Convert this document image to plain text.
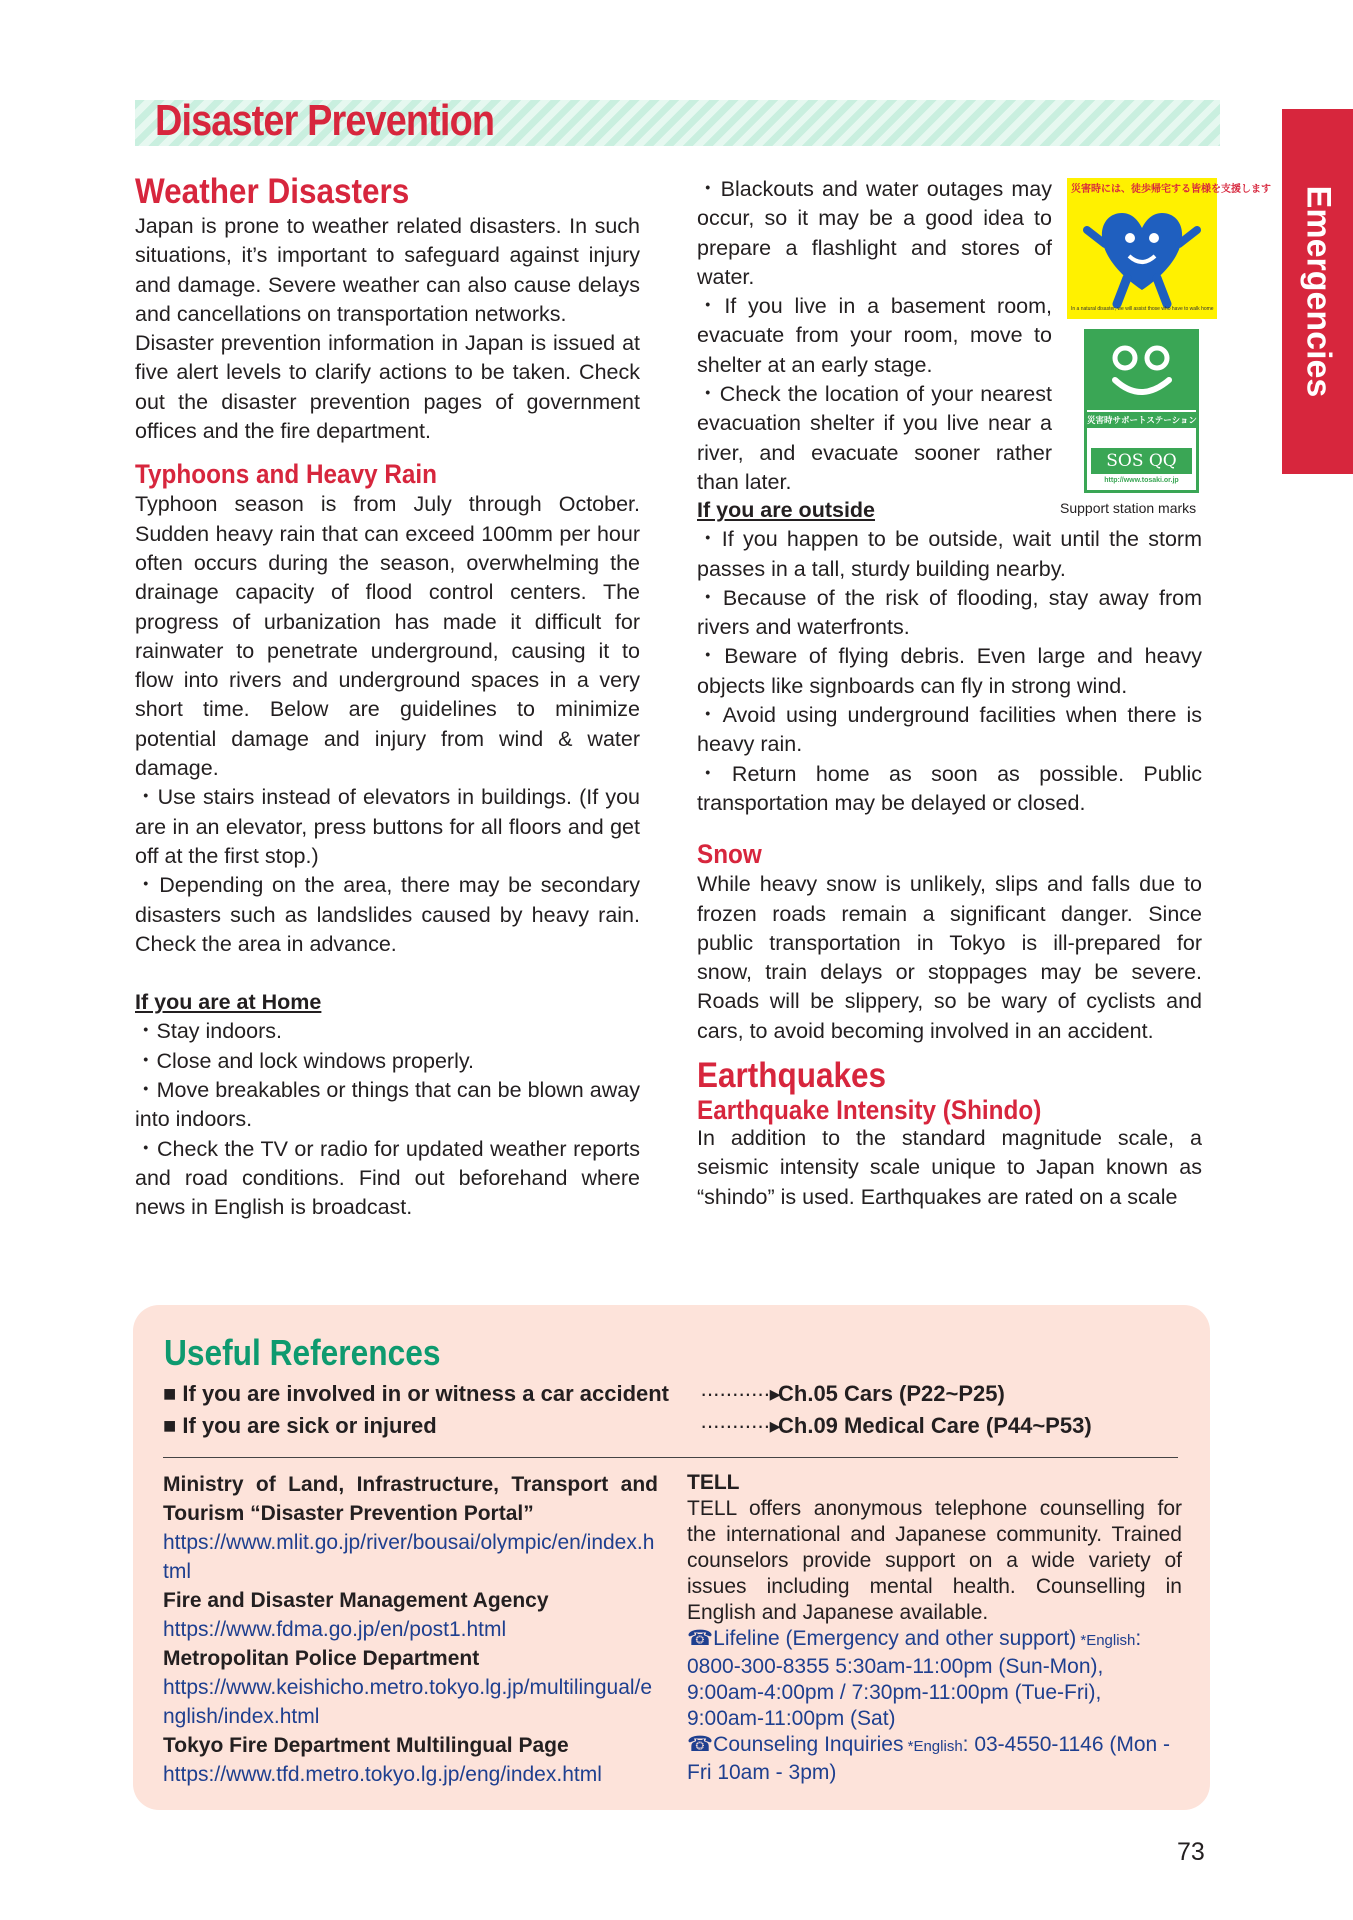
Disaster Prevention
Emergencies
Weather Disasters

Japan is prone to weather related disasters. In such situations, it’s important to safeguard against injury and damage. Severe weather can also cause delays and cancellations on transportation networks.

Disaster prevention information in Japan is issued at five alert levels to clarify actions to be taken. Check out the disaster prevention pages of government offices and the fire department.

Typhoons and Heavy Rain

Typhoon season is from July through October. Sudden heavy rain that can exceed 100mm per hour often occurs during the season, overwhelming the drainage capacity of flood control centers. The progress of urbanization has made it difficult for rainwater to penetrate underground, causing it to flow into rivers and underground spaces in a very short time. Below are guidelines to minimize potential damage and injury from wind & water damage.

・Use stairs instead of elevators in buildings. (If you are in an elevator, press buttons for all floors and get off at the first stop.)

・Depending on the area, there may be secondary disasters such as landslides caused by heavy rain. Check the area in advance.

If you are at Home

・Stay indoors.

・Close and lock windows properly.

・Move breakables or things that can be blown away into indoors.

・Check the TV or radio for updated weather reports and road conditions. Find out beforehand where news in English is broadcast.

・Blackouts and water outages may occur, so it may be a good idea to prepare a flashlight and stores of water.

・If you live in a basement room, evacuate from your room, move to shelter at an early stage.

・Check the location of your nearest evacuation shelter if you live near a river, and evacuate sooner rather than later.

災害時には、徒歩帰宅する皆様を支援します
In a natural disaster, we will assist those who have to walk home
災害時サポートステーション
SOS QQ
http://www.tosaki.or.jp
Support station marks
If you are outside

・If you happen to be outside, wait until the storm passes in a tall, sturdy building nearby.

・Because of the risk of flooding, stay away from rivers and waterfronts.

・Beware of flying debris. Even large and heavy objects like signboards can fly in strong wind.

・Avoid using underground facilities when there is heavy rain.

・Return home as soon as possible. Public transportation may be delayed or closed.

Snow

While heavy snow is unlikely, slips and falls due to frozen roads remain a significant danger. Since public transportation in Tokyo is ill-prepared for snow, train delays or stoppages may be severe. Roads will be slippery, so be wary of cyclists and cars, to avoid becoming involved in an accident.

Earthquakes
Earthquake Intensity (Shindo)

In addition to the standard magnitude scale, a seismic intensity scale unique to Japan known as “shindo” is used. Earthquakes are rated on a scale

Useful References
■ If you are involved in or witness a car accident ···········▸
Ch.05 Cars (P22~P25)
■ If you are sick or injured	···········▸
Ch.09 Medical Care (P44~P53)
Ministry of Land, Infrastructure, Transport and Tourism “Disaster Prevention Portal”
https://www.mlit.go.jp/river/bousai/olympic/en/index.html
Fire and Disaster Management Agency
https://www.fdma.go.jp/en/post1.html
Metropolitan Police Department
https://www.keishicho.metro.tokyo.lg.jp/multilingual/english/index.html
Tokyo Fire Department Multilingual Page
https://www.tfd.metro.tokyo.lg.jp/eng/index.html
TELL
TELL offers anonymous telephone counselling for the international and Japanese community. Trained counselors provide support on a wide variety of issues including mental health. Counselling in English and Japanese available.
☎Lifeline (Emergency and other support) *English: 0800-300-8355 5:30am-11:00pm (Sun-Mon), 9:00am-4:00pm / 7:30pm-11:00pm (Tue-Fri), 9:00am-11:00pm (Sat)
☎Counseling Inquiries *English: 03-4550-1146 (Mon - Fri 10am - 3pm)
73
